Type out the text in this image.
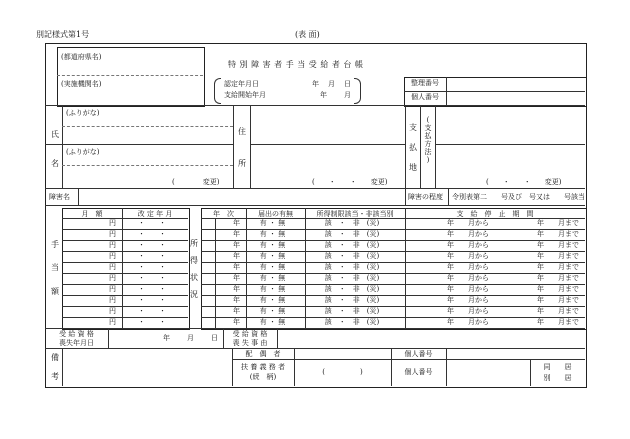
別記様式第1号	(表 面)
(都道府県名)
(実施機関名)
特 別 障 害 者 手 当 受 給 者 台 帳
認定年月日	年 月 日
支給開始年月	年 月
整理番号
個人番号
(ふりがな)
(ふりがな)
氏
名
住
所
支
払
地
(
支
払
方
法
)
(　　　　変更)	(　　・　　・　　変更)	(　　・　　・　　変更)
障害名	障害の程度 令別表第二　　号及び　号又は　　号該当
月　額	改 定 年 月	年　次	届出の有無	所得制限該当・非該当別	支　給　停　止　期　間
手
当
額
所
得
状
況
円	・　　・	年	有 ・ 無	該　・　非　(災)	年　　月から	年　　月まで
円	・　　・	年	有 ・ 無	該　・　非　(災)	年　　月から	年　　月まで
円	・　　・	年	有 ・ 無	該　・　非　(災)	年　　月から	年　　月まで
円	・　　・	年	有 ・ 無	該　・　非　(災)	年　　月から	年　　月まで
円	・　　・	年	有 ・ 無	該　・　非　(災)	年　　月から	年　　月まで
円	・　　・	年	有 ・ 無	該　・　非　(災)	年　　月から	年　　月まで
円	・　　・	年	有 ・ 無	該　・　非　(災)	年　　月から	年　　月まで
円	・　　・	年	有 ・ 無	該　・　非　(災)	年　　月から	年　　月まで
円	・　　・	年	有 ・ 無	該　・　非　(災)	年　　月から	年　　月まで
円	・　　・	年	有 ・ 無	該　・　非　(災)	年　　月から	年　　月まで
受 給 資 格
喪失年月日
年 月 日	受 給 資 格
喪 失 事 由
備
考
配　偶　者	個人番号
扶 養 義 務 者
(続　柄)
(　　　　　)	個人番号
同　　居
別　　居
